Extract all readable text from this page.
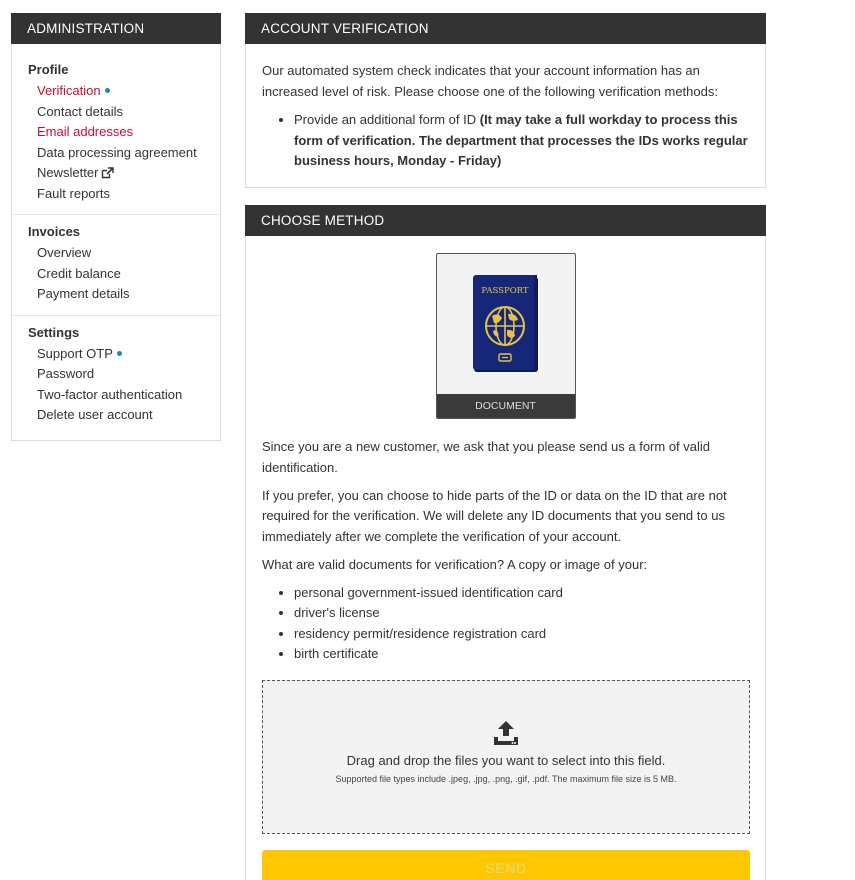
ADMINISTRATION
Profile
Verification
Contact details
Email addresses
Data processing agreement
Newsletter
Fault reports
Invoices
Overview
Credit balance
Payment details
Settings
Support OTP
Password
Two-factor authentication
Delete user account
ACCOUNT VERIFICATION

Our automated system check indicates that your account information has an increased level of risk. Please choose one of the following verification methods:

• Provide an additional form of ID (It may take a full workday to process this form of verification. The department that processes the IDs works regular business hours, Monday - Friday)
CHOOSE METHOD
PASSPORT
DOCUMENT

Since you are a new customer, we ask that you please send us a form of valid identification.

If you prefer, you can choose to hide parts of the ID or data on the ID that are not required for the verification. We will delete any ID documents that you send to us immediately after we complete the verification of your account.

What are valid documents for verification? A copy or image of your:

• personal government-issued identification card
• driver's license
• residency permit/residence registration card
• birth certificate
Drag and drop the files you want to select into this field.
Supported file types include .jpeg, .jpg, .png, .gif, .pdf. The maximum file size is 5 MB.
SEND
